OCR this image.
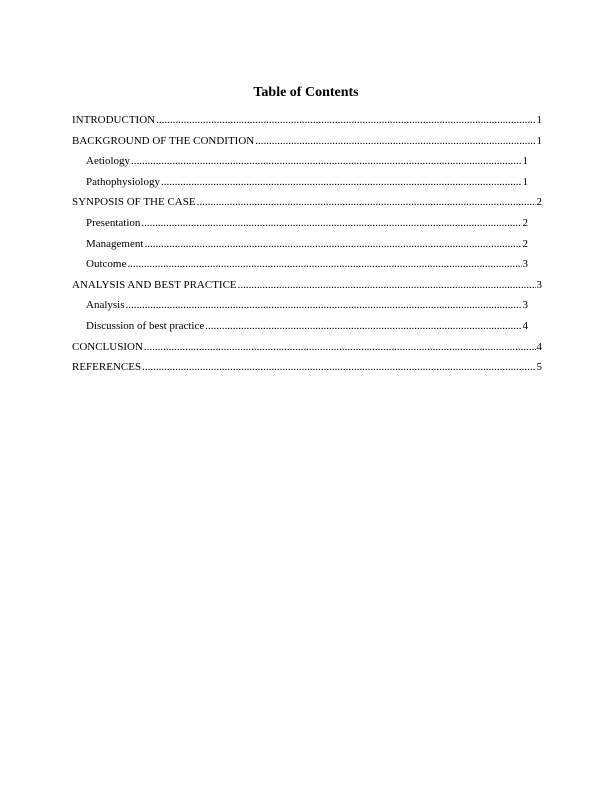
Table of Contents
INTRODUCTION .....	1
BACKGROUND OF THE CONDITION .....	1
Aetiology .....	1
Pathophysiology .....	1
SYNPOSIS OF THE CASE .....	2
Presentation .....	2
Management .....	2
Outcome .....	3
ANALYSIS AND BEST PRACTICE .....	3
Analysis .....	3
Discussion of best practice .....	4
CONCLUSION .....	4
REFERENCES .....	5
